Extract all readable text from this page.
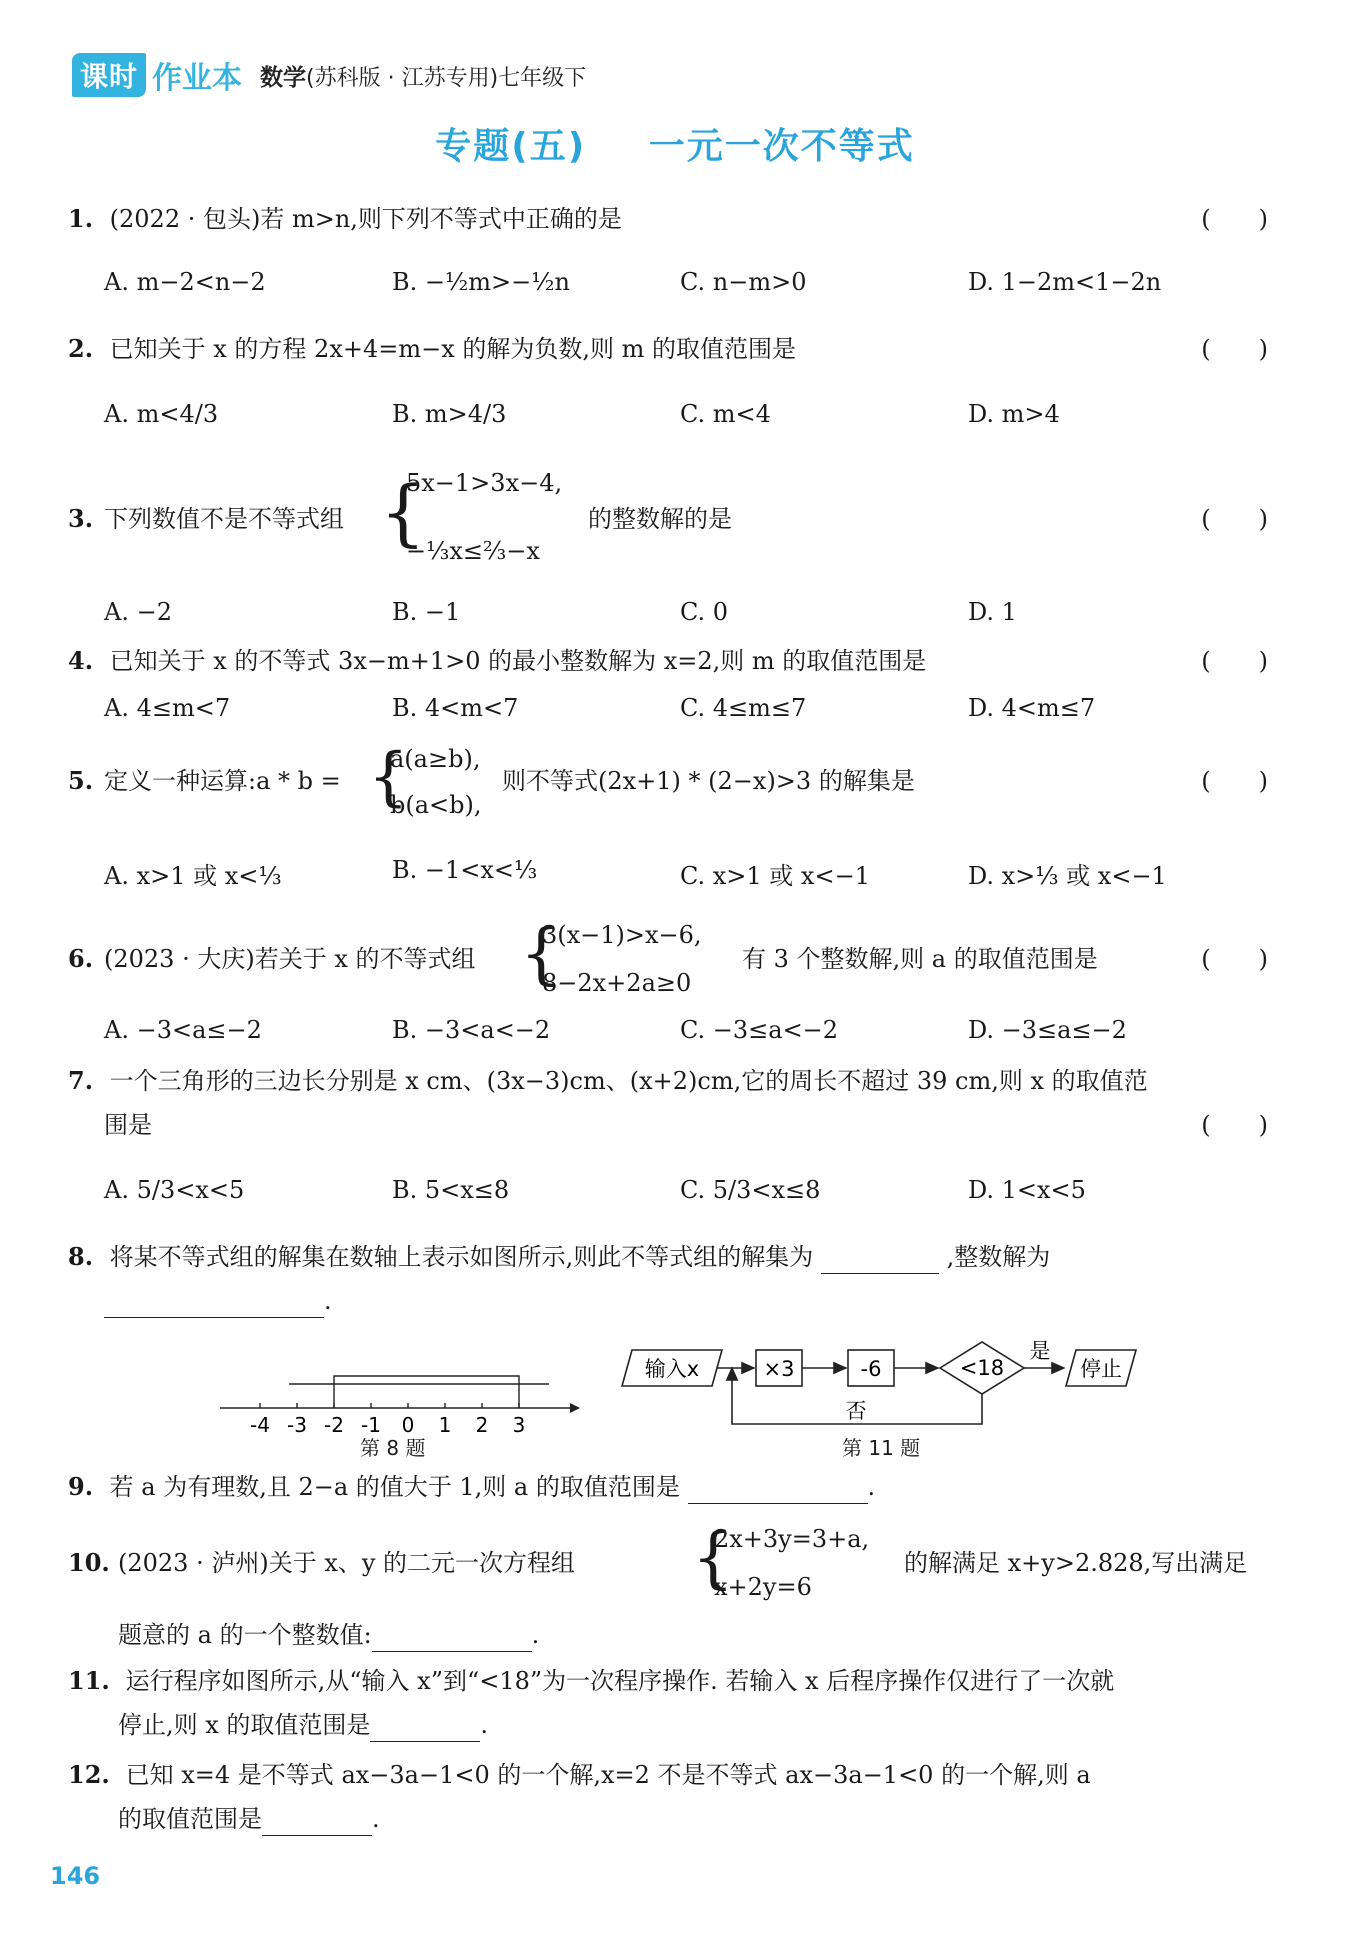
课时 作业本 数学(苏科版 · 江苏专用)七年级下
专题(五) 一元一次不等式
1. (2022 · 包头)若 m>n,则下列不等式中正确的是	(　　)
A. m−2<n−2	B. −½m>−½n	C. n−m>0	D. 1−2m<1−2n
2. 已知关于 x 的方程 2x+4=m−x 的解为负数,则 m 的取值范围是	(　　)
A. m<4/3	B. m>4/3	C. m<4	D. m>4
3. 下列数值不是不等式组 {
5x−1>3x−4,
−⅓x≤⅔−x
的整数解的是	(　　)
A. −2	B. −1	C. 0	D. 1
4. 已知关于 x 的不等式 3x−m+1>0 的最小整数解为 x=2,则 m 的取值范围是	(　　)
A. 4≤m<7	B. 4<m<7	C. 4≤m≤7	D. 4<m≤7
5. 定义一种运算:a * b = {
a(a≥b),
b(a<b),
则不等式(2x+1) * (2−x)>3 的解集是	(　　)
A. x>1 或 x<⅓	B. −1<x<⅓	C. x>1 或 x<−1	D. x>⅓ 或 x<−1
6. (2023 · 大庆)若关于 x 的不等式组 {
3(x−1)>x−6,
8−2x+2a≥0
有 3 个整数解,则 a 的取值范围是	(　　)
A. −3<a≤−2	B. −3<a<−2	C. −3≤a<−2	D. −3≤a≤−2
7. 一个三角形的三边长分别是 x cm、(3x−3)cm、(x+2)cm,它的周长不超过 39 cm,则 x 的取值范
围是	(　　)
A. 5/3<x<5	B. 5<x≤8	C. 5/3<x≤8	D. 1<x<5
8. 将某不等式组的解集在数轴上表示如图所示,则此不等式组的解集为	,整数解为
.
-4 -3 -2 -1 0 1 2 3
第 8 题
输入x	×3	-6	<18
是
停止
否
第 11 题
9. 若 a 为有理数,且 2−a 的值大于 1,则 a 的取值范围是	.
10. (2023 · 泸州)关于 x、y 的二元一次方程组 {
2x+3y=3+a,
x+2y=6
的解满足 x+y>2.828,写出满足
题意的 a 的一个整数值:	.
11. 运行程序如图所示,从“输入 x”到“<18”为一次程序操作. 若输入 x 后程序操作仅进行了一次就
停止,则 x 的取值范围是	.
12. 已知 x=4 是不等式 ax−3a−1<0 的一个解,x=2 不是不等式 ax−3a−1<0 的一个解,则 a
的取值范围是	.
146
